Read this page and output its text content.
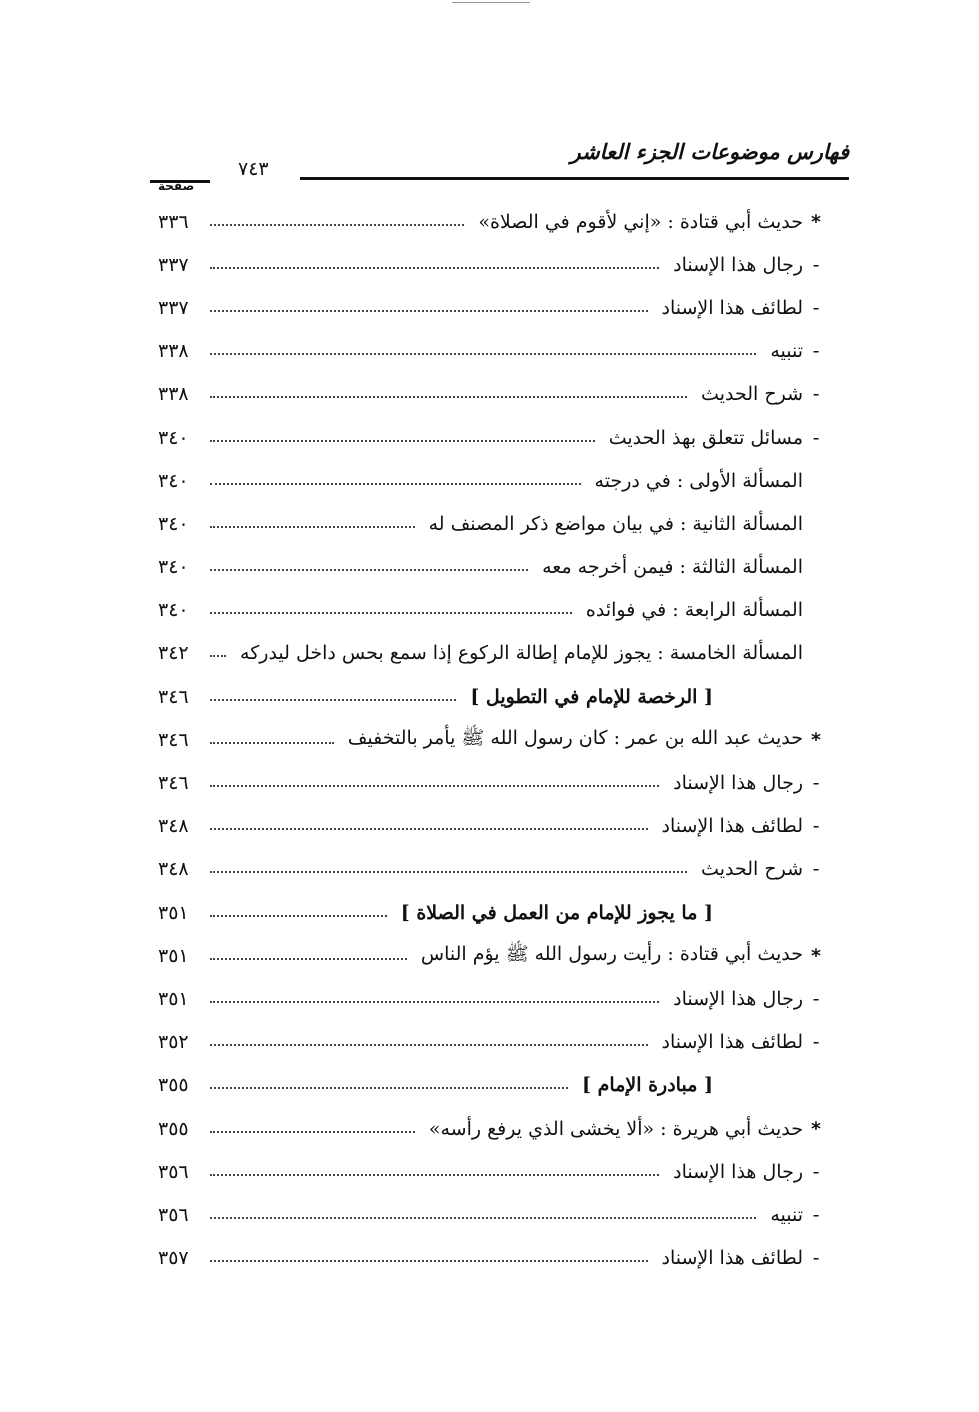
فهارس موضوعات الجزء العاشر
٧٤٣
صفحة
*
حديث أبي قتادة : «إني لأقوم في الصلاة»
٣٣٦
-
رجال هذا الإسناد
٣٣٧
-
لطائف هذا الإسناد
٣٣٧
-
تنبيه
٣٣٨
-
شرح الحديث
٣٣٨
-
مسائل تتعلق بهذ الحديث
٣٤٠
المسألة الأولى : في درجته
٣٤٠
المسألة الثانية : في بيان مواضع ذكر المصنف له
٣٤٠
المسألة الثالثة : فيمن أخرجه معه
٣٤٠
المسألة الرابعة : في فوائده
٣٤٠
المسألة الخامسة : يجوز للإمام إطالة الركوع إذا سمع بحس داخل ليدركه
٣٤٢
[ الرخصة للإمام في التطويل ]
٣٤٦
*
حديث عبد الله بن عمر : كان رسول الله ﷺ يأمر بالتخفيف
٣٤٦
-
رجال هذا الإسناد
٣٤٦
-
لطائف هذا الإسناد
٣٤٨
-
شرح الحديث
٣٤٨
[ ما يجوز للإمام من العمل في الصلاة ]
٣٥١
*
حديث أبي قتادة : رأيت رسول الله ﷺ يؤم الناس
٣٥١
-
رجال هذا الإسناد
٣٥١
-
لطائف هذا الإسناد
٣٥٢
[ مبادرة الإمام ]
٣٥٥
*
حديث أبي هريرة : «ألا يخشى الذي يرفع رأسه»
٣٥٥
-
رجال هذا الإسناد
٣٥٦
-
تنبيه
٣٥٦
-
لطائف هذا الإسناد
٣٥٧
